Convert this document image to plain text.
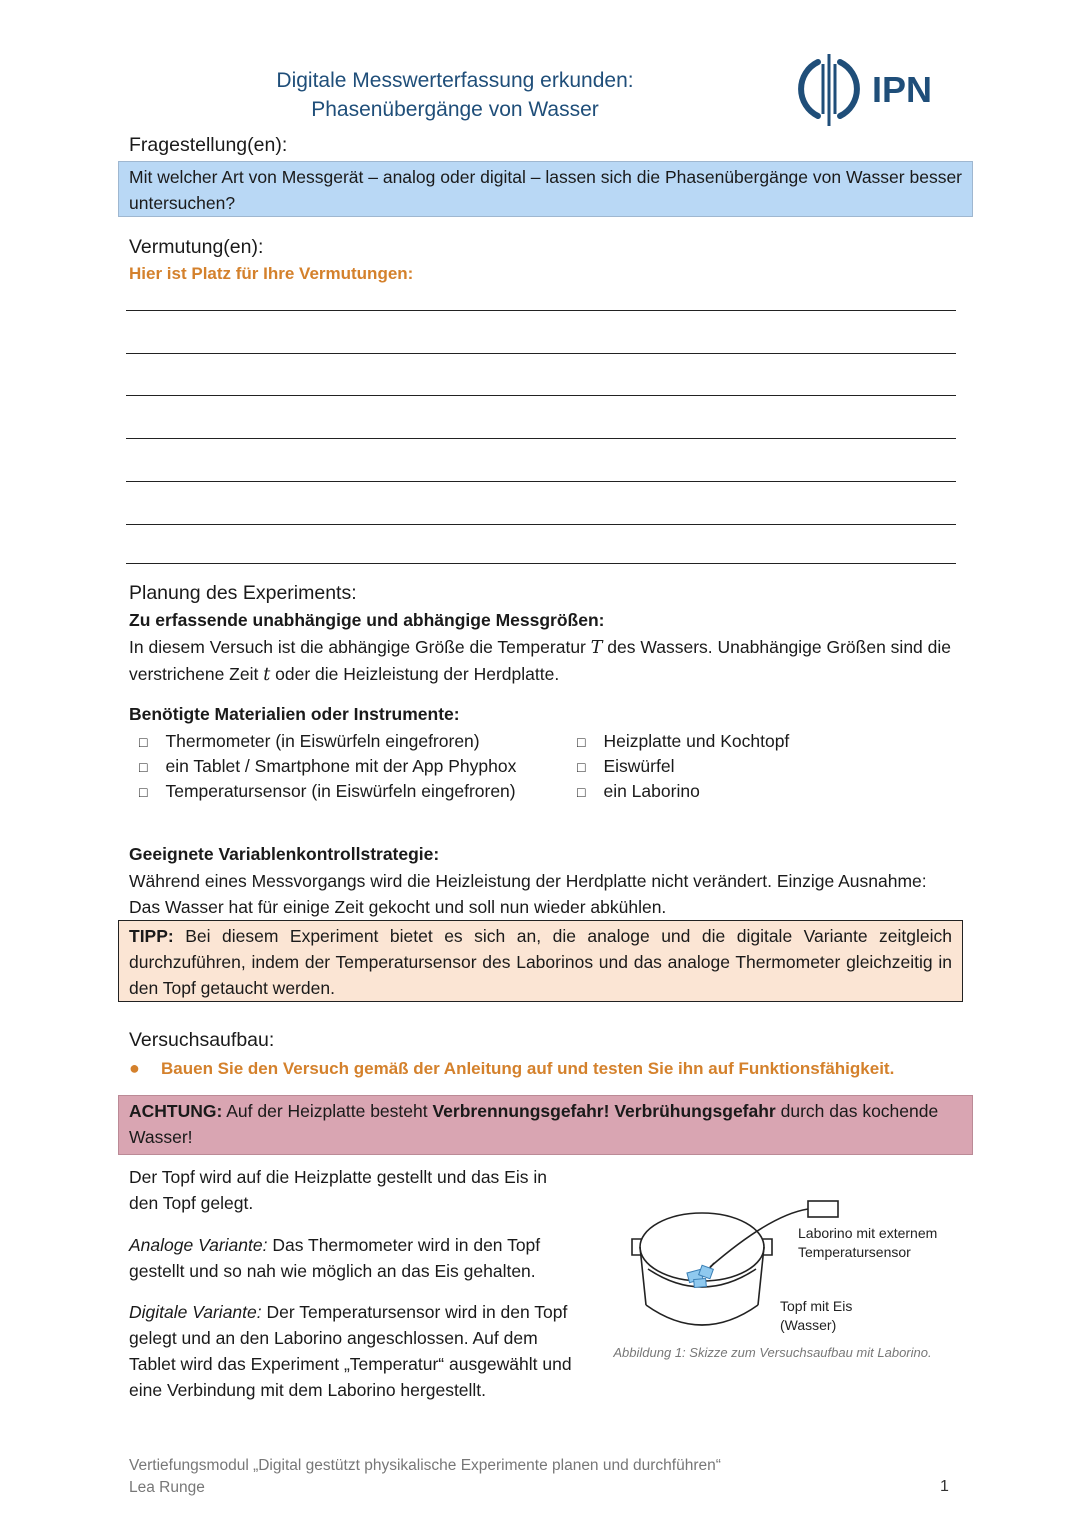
Digitale Messwerterfassung erkunden:
Phasenübergänge von Wasser	IPN
Fragestellung(en):
Mit welcher Art von Messgerät – analog oder digital – lassen sich die Phasenübergänge von Wasser besser untersuchen?
Vermutung(en):
Hier ist Platz für Ihre Vermutungen:
Planung des Experiments:
Zu erfassende unabhängige und abhängige Messgrößen:
In diesem Versuch ist die abhängige Größe die Temperatur T des Wassers. Unabhängige Größen sind die verstrichene Zeit t oder die Heizleistung der Herdplatte.
Benötigte Materialien oder Instrumente:
□ Thermometer (in Eiswürfeln eingefroren)
□ ein Tablet / Smartphone mit der App Phyphox
□ Temperatursensor (in Eiswürfeln eingefroren)
□ Heizplatte und Kochtopf
□ Eiswürfel
□ ein Laborino
Geeignete Variablenkontrollstrategie:
Während eines Messvorgangs wird die Heizleistung der Herdplatte nicht verändert. Einzige Ausnahme: Das Wasser hat für einige Zeit gekocht und soll nun wieder abkühlen.
TIPP: Bei diesem Experiment bietet es sich an, die analoge und die digitale Variante zeitgleich durchzuführen, indem der Temperatursensor des Laborinos und das analoge Thermometer gleichzeitig in den Topf getaucht werden.
Versuchsaufbau:
● Bauen Sie den Versuch gemäß der Anleitung auf und testen Sie ihn auf Funktionsfähigkeit.
ACHTUNG: Auf der Heizplatte besteht Verbrennungsgefahr! Verbrühungsgefahr durch das kochende Wasser!
Der Topf wird auf die Heizplatte gestellt und das Eis in den Topf gelegt.
Analoge Variante: Das Thermometer wird in den Topf gestellt und so nah wie möglich an das Eis gehalten.
Digitale Variante: Der Temperatursensor wird in den Topf gelegt und an den Laborino angeschlossen. Auf dem Tablet wird das Experiment „Temperatur“ ausgewählt und eine Verbindung mit dem Laborino hergestellt.
Laborino mit externem
Temperatursensor
Topf mit Eis
(Wasser)
Abbildung 1: Skizze zum Versuchsaufbau mit Laborino.
Vertiefungsmodul „Digital gestützt physikalische Experimente planen und durchführen“
Lea Runge	1
